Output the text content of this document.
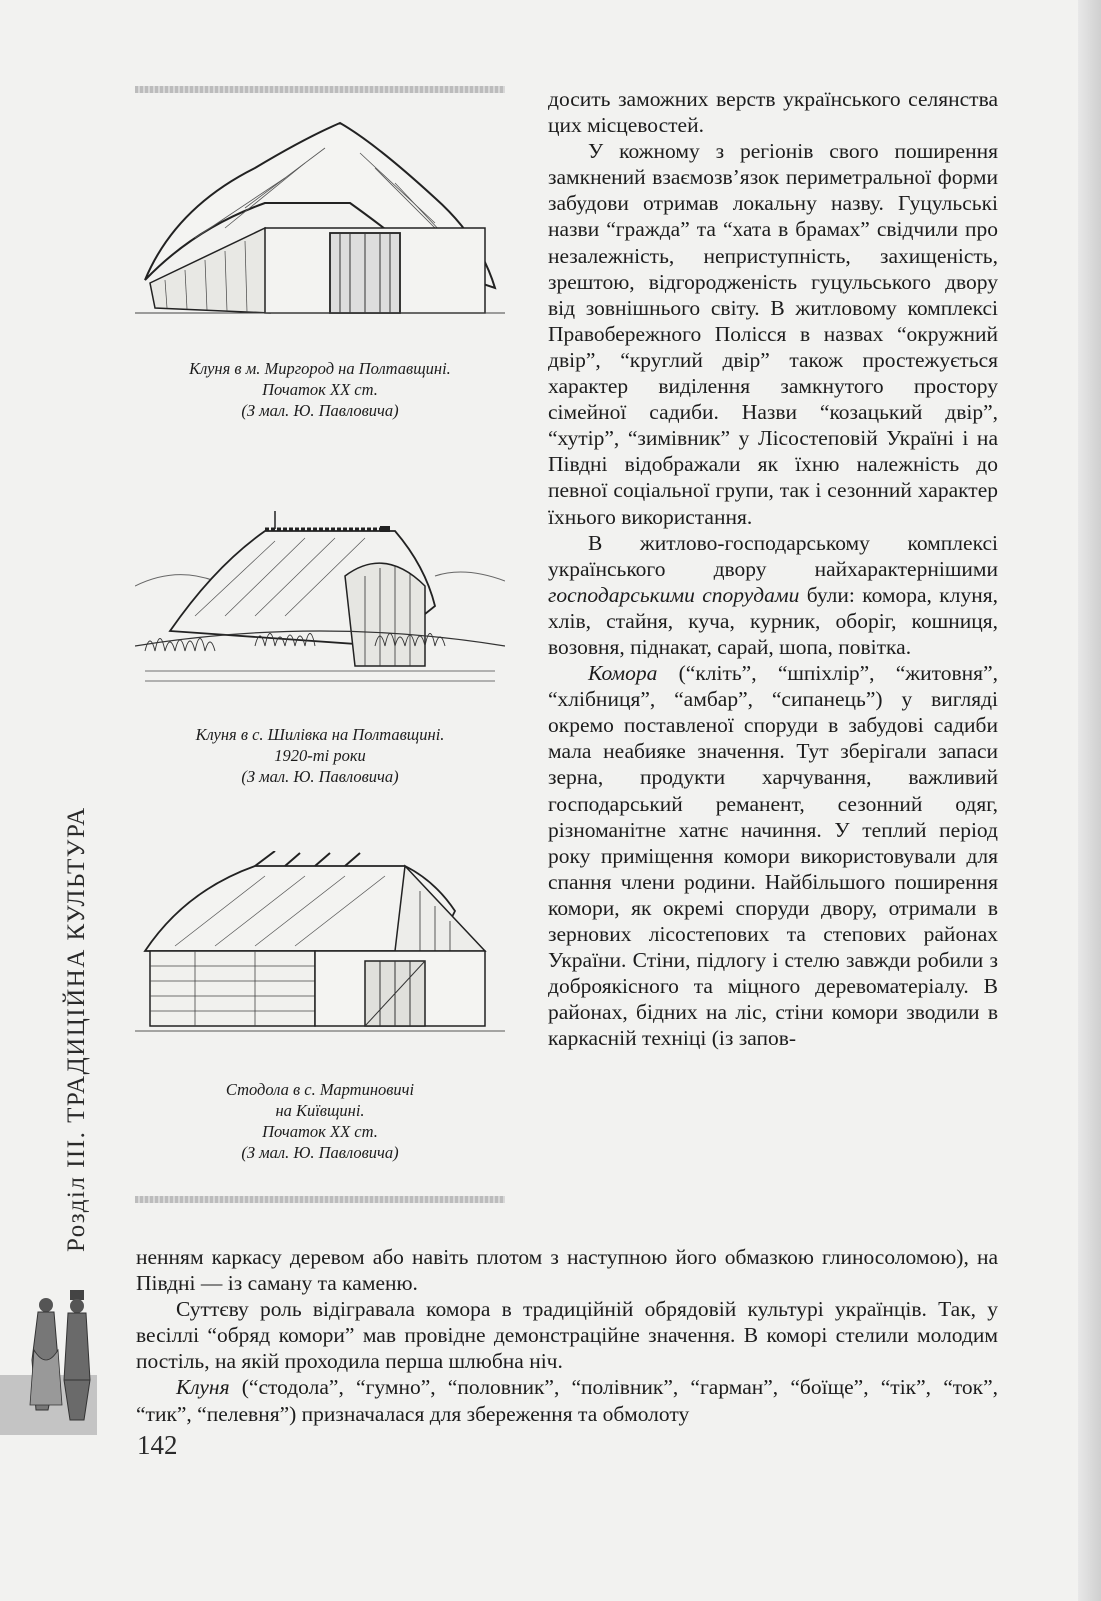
Клуня в м. Миргород на Полтавщині.
Початок XX ст.
(З мал. Ю. Павловича)
Клуня в с. Шилівка на Полтавщині.
1920-ті роки
(З мал. Ю. Павловича)
Стодола в с. Мартиновичі
на Київщині.
Початок XX ст.
(З мал. Ю. Павловича)

досить заможних верств українського селянства цих місцевостей.

У кожному з регіонів свого поширення замкнений взаємозв’язок периметральної форми забудови отримав локальну назву. Гуцульські назви “гражда” та “хата в брамах” свідчили про незалежність, неприступність, захищеність, зрештою, відгородженість гуцульського двору від зовнішнього світу. В житловому комплексі Правобережного Полісся в назвах “окружний двір”, “круглий двір” також простежується характер виділення замкнутого простору сімейної садиби. Назви “козацький двір”, “хутір”, “зимівник” у Лісостеповій Україні і на Півдні відображали як їхню належність до певної соціальної групи, так і сезонний характер їхнього використання.

В житлово-господарському комплексі українського двору найхарактернішими господарськими спорудами були: комора, клуня, хлів, стайня, куча, курник, оборіг, кошниця, возовня, піднакат, сарай, шопа, повітка.

Комора (“кліть”, “шпіхлір”, “житовня”, “хлібниця”, “амбар”, “сипанець”) у вигляді окремо поставленої споруди в забудові садиби мала неабияке значення. Тут зберігали запаси зерна, продукти харчування, важливий господарський реманент, сезонний одяг, різноманітне хатнє начиння. У теплий період року приміщення комори використовували для спання члени родини. Найбільшого поширення комори, як окремі споруди двору, отримали в зернових лісостепових та степових районах України. Стіни, підлогу і стелю завжди робили з доброякісного та міцного деревоматеріалу. В районах, бідних на ліс, стіни комори зводили в каркасній техніці (із запов-

ненням каркасу деревом або навіть плотом з наступною його обмазкою глиносоломою), на Півдні — із саману та каменю.

Суттєву роль відігравала комора в традиційній обрядовій культурі українців. Так, у весіллі “обряд комори” мав провідне демонстраційне значення. В коморі стелили молодим постіль, на якій проходила перша шлюбна ніч.

Клуня (“стодола”, “гумно”, “половник”, “полівник”, “гарман”, “боїще”, “тік”, “ток”, “тик”, “пелевня”) призначалася для збереження та обмолоту

Розділ III. ТРАДИЦІЙНА КУЛЬТУРА
142
